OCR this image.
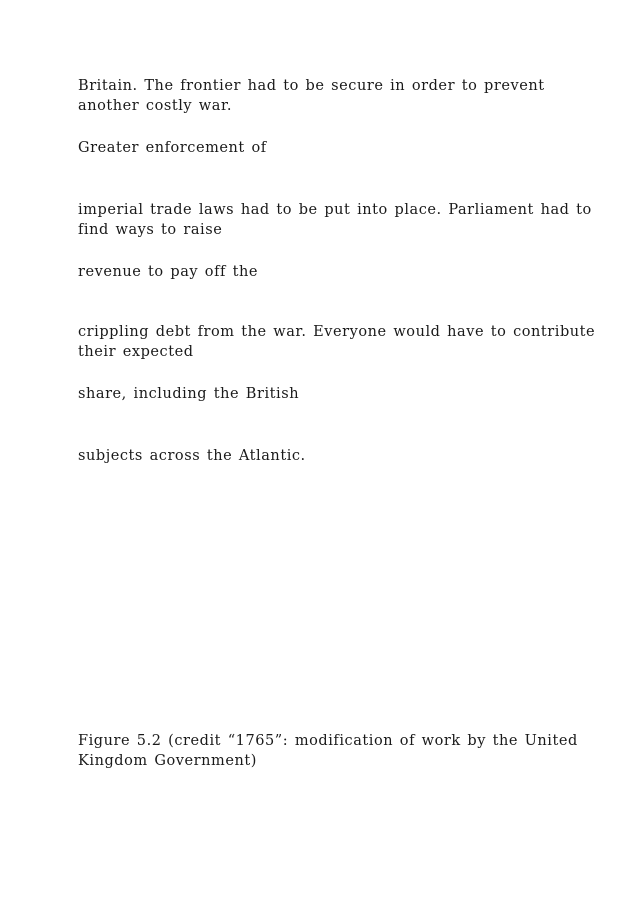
Britain. The frontier had to be secure in order to prevent
another costly war.

Greater enforcement of

imperial trade laws had to be put into place. Parliament had to
find ways to raise

revenue to pay off the

crippling debt from the war. Everyone would have to contribute
their expected

share, including the British

subjects across the Atlantic.

Figure 5.2 (credit “1765”: modification of work by the United
Kingdom Government)
